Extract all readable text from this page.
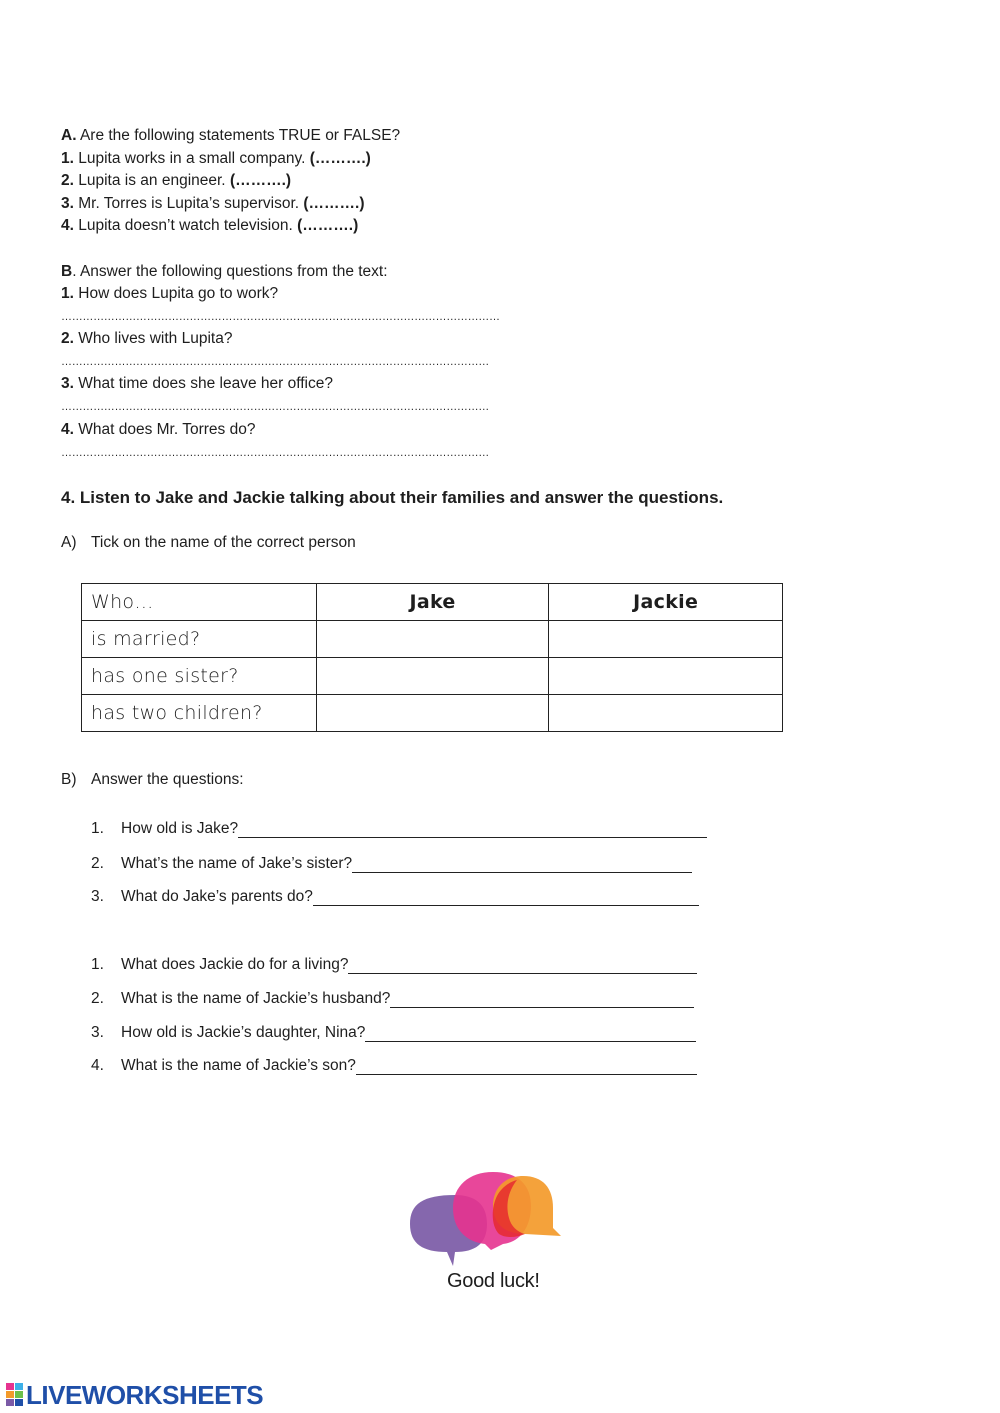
A. Are the following statements TRUE or FALSE?
1. Lupita works in a small company. (……….)
2. Lupita is an engineer. (……….)
3. Mr. Torres is Lupita’s supervisor. (……….)
4. Lupita doesn’t watch television. (……….)
B. Answer the following questions from the text:
1. How does Lupita go to work?
……………………………………………………………………………………………………………
2. Who lives with Lupita?
…………………………………………………………………………………………………………
3. What time does she leave her office?
…………………………………………………………………………………………………………
4. What does Mr. Torres do?
…………………………………………………………………………………………………………
4. Listen to Jake and Jackie talking about their families and answer the questions.
A) Tick on the name of the correct person
Who…	Jake	Jackie
is married?		
has one sister?		
has two children?		
B) Answer the questions:
1. How old is Jake?
2. What’s the name of Jake’s sister?
3. What do Jake’s parents do?
1. What does Jackie do for a living?
2. What is the name of Jackie’s husband?
3. How old is Jackie’s daughter, Nina?
4. What is the name of Jackie’s son?
Good luck!
LIVEWORKSHEETS
